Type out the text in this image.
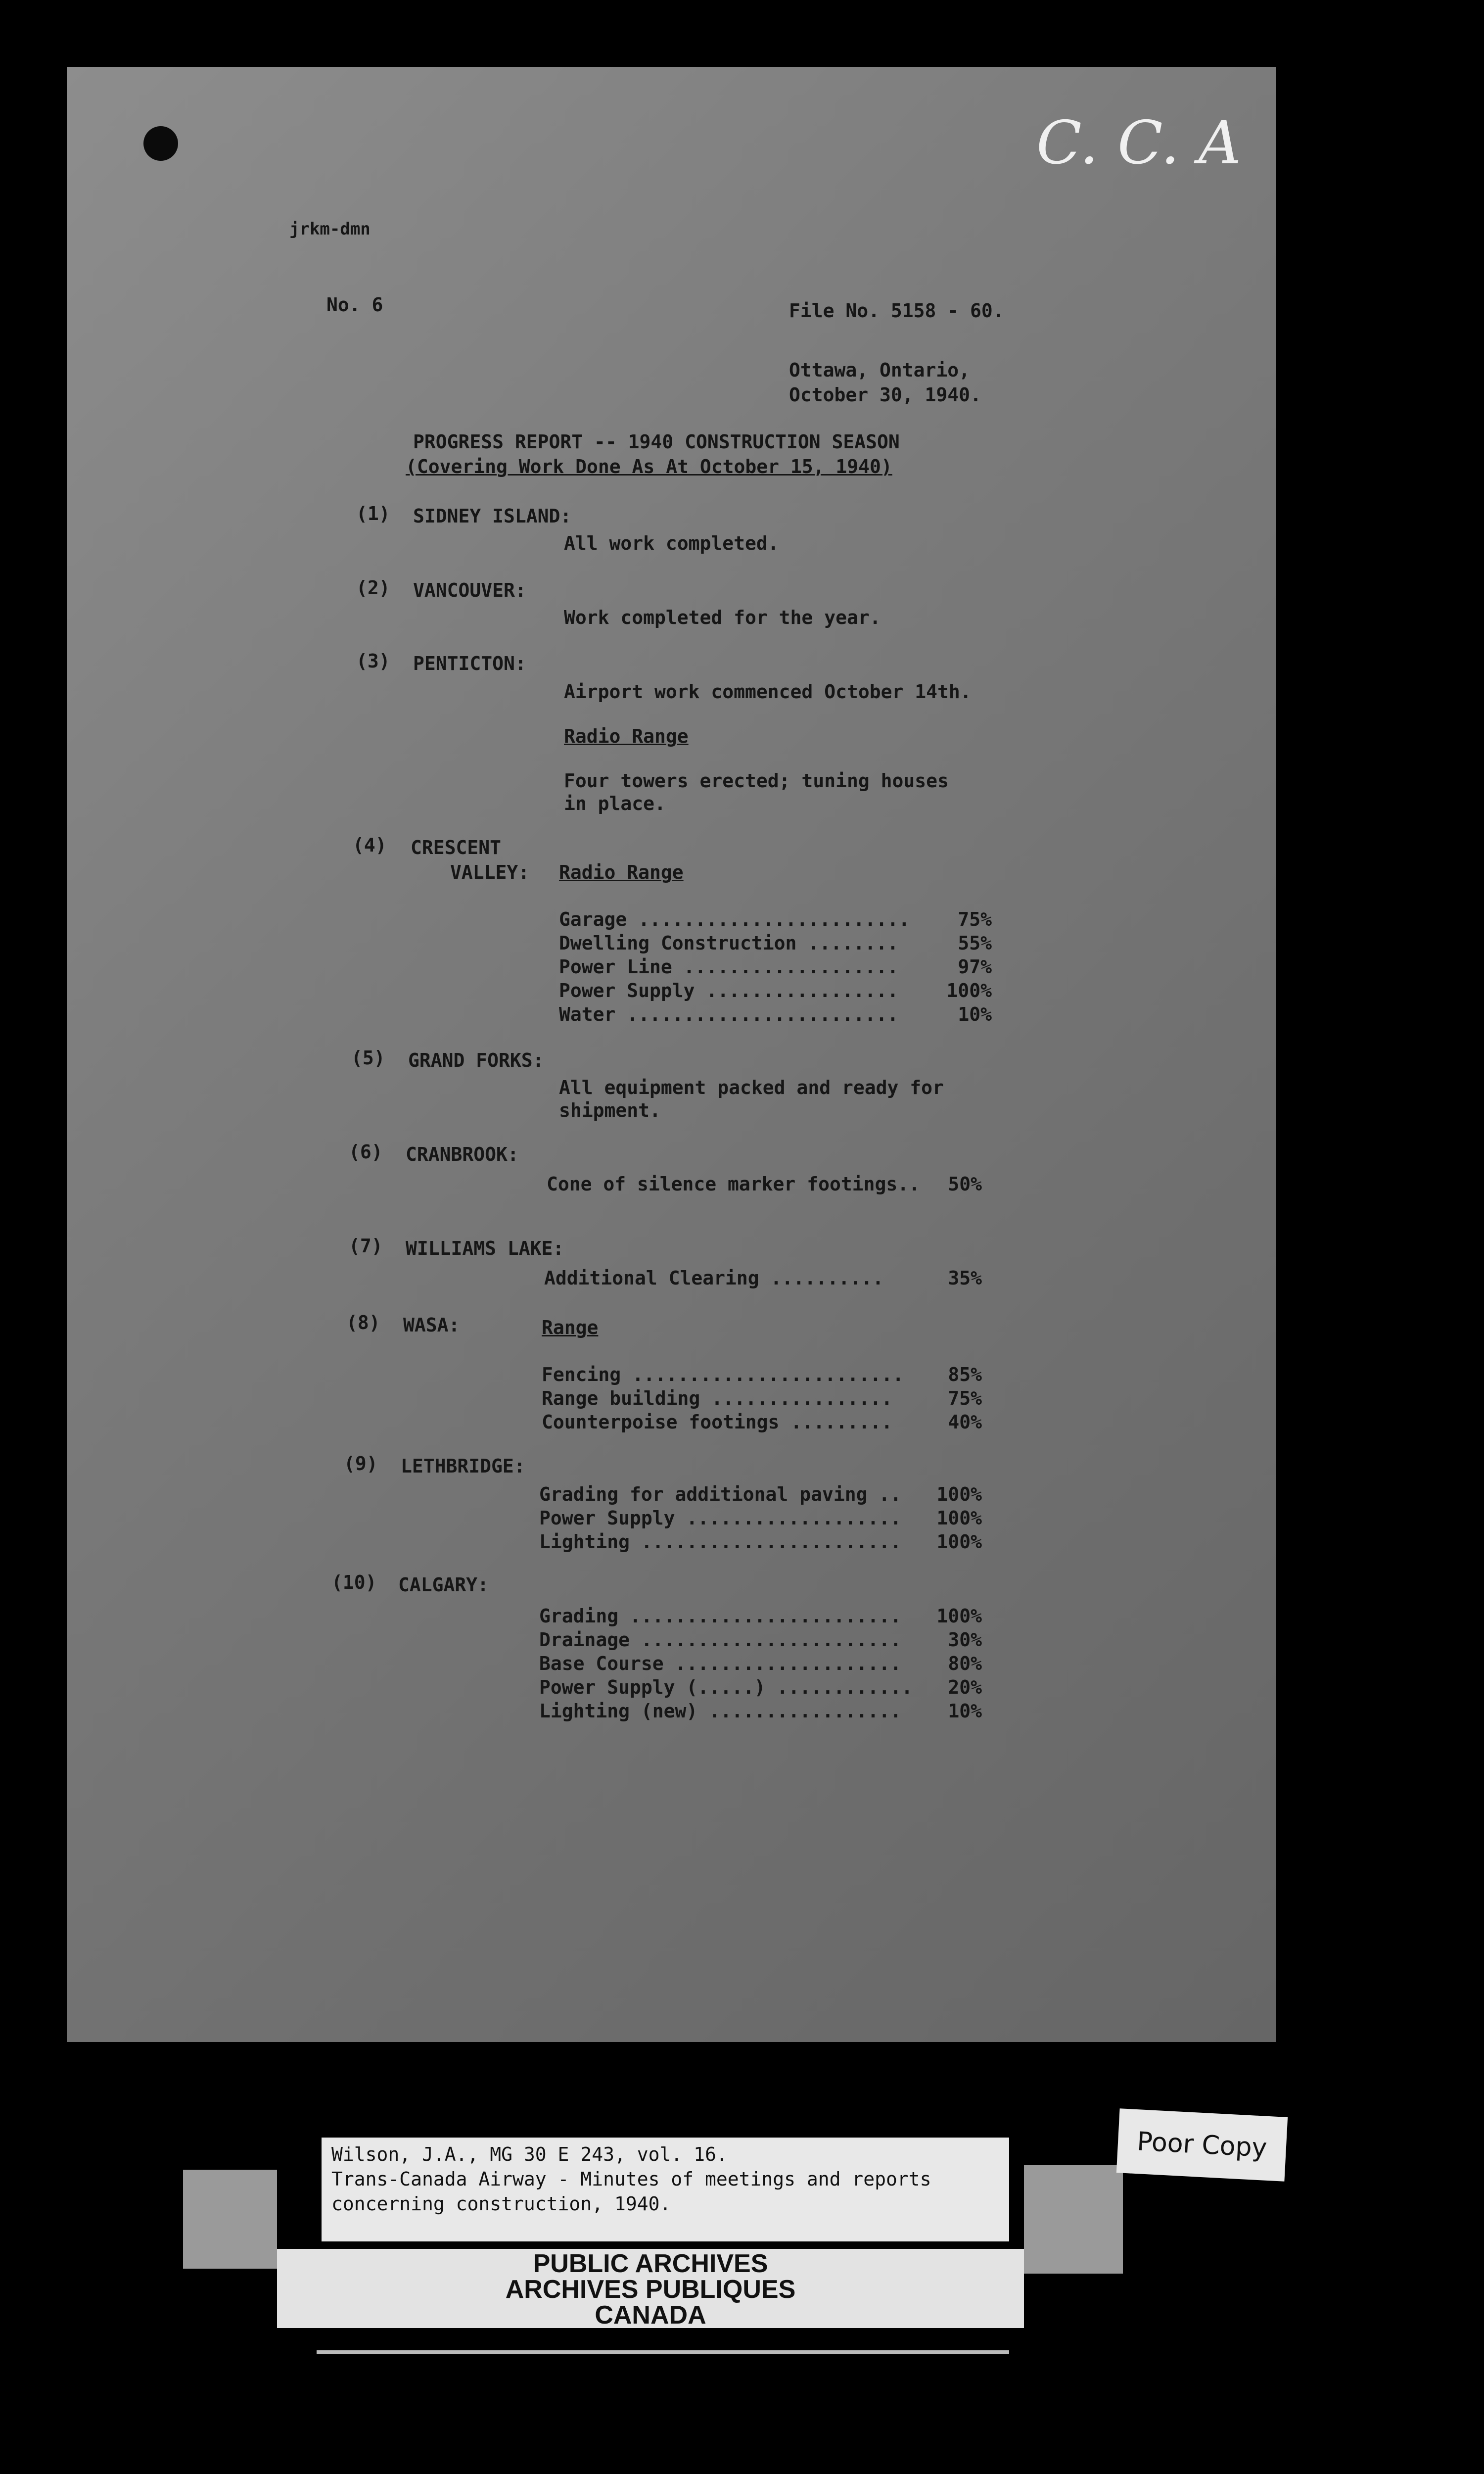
C. C. A
jrkm-dmn
No. 6	File No. 5158 - 60.
Ottawa, Ontario,
October 30, 1940.
PROGRESS REPORT -- 1940 CONSTRUCTION SEASON
(Covering Work Done As At October 15, 1940)
(1) SIDNEY ISLAND:
All work completed.
(2) VANCOUVER:
Work completed for the year.
(3) PENTICTON:
Airport work commenced October 14th.
Radio Range
Four towers erected; tuning houses
in place.
(4) CRESCENT
VALLEY: Radio Range
Garage ........................	75%
Dwelling Construction ........	55%
Power Line ...................	97%
Power Supply .................	100%
Water ........................	10%
(5) GRAND FORKS:
All equipment packed and ready for
shipment.
(6) CRANBROOK:
Cone of silence marker footings..	50%
(7) WILLIAMS LAKE:
Additional Clearing ..........	35%
(8) WASA:	Range
Fencing ........................	85%
Range building ................	75%
Counterpoise footings .........	40%
(9) LETHBRIDGE:
Grading for additional paving ..	100%
Power Supply ...................	100%
Lighting .......................	100%
(10) CALGARY:
Grading ........................	100%
Drainage .......................	30%
Base Course ....................	80%
Power Supply (.....) ............	20%
Lighting (new) .................	10%
PUBLIC ARCHIVES
ARCHIVES PUBLIQUES
CANADA
Wilson, J.A., MG 30 E 243, vol. 16.
Trans-Canada Airway - Minutes of meetings and reports
concerning construction, 1940.
Poor Copy
